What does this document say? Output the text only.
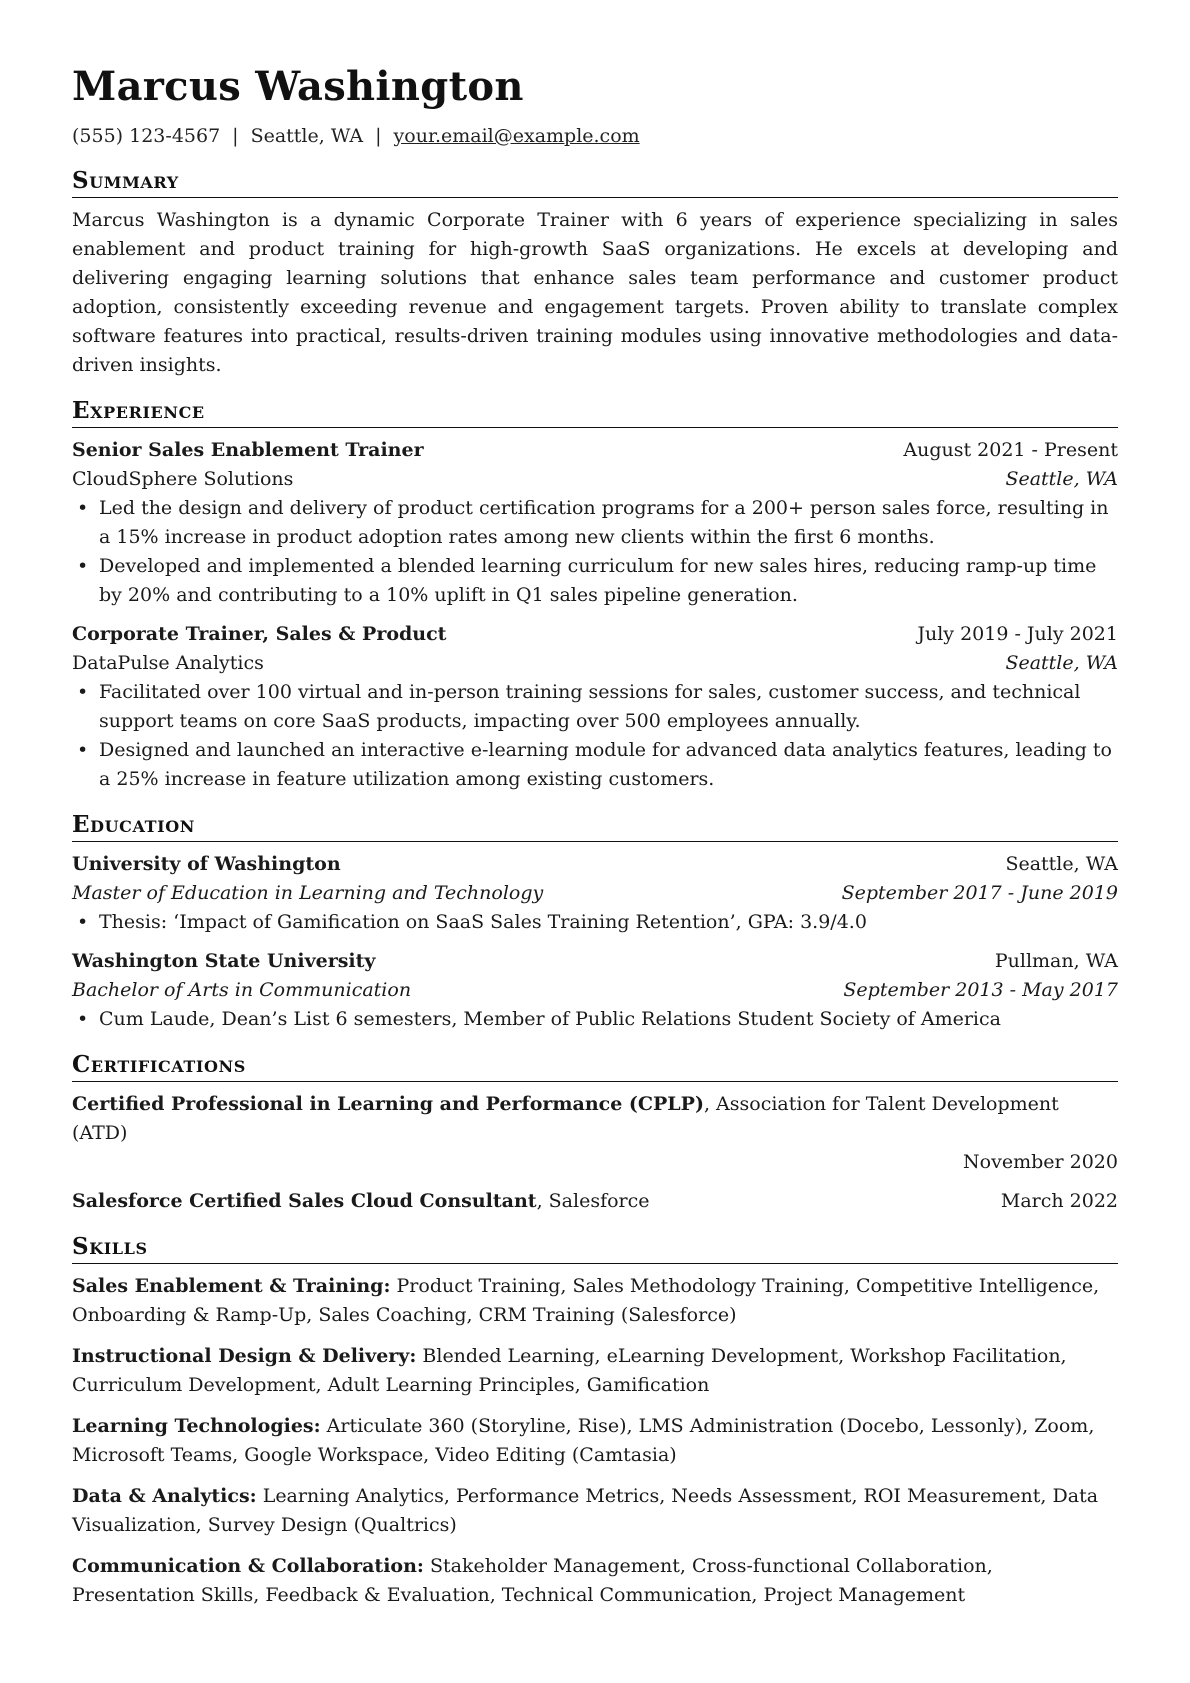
Marcus Washington
(555) 123-4567 | Seattle, WA | your.email@example.com
Summary

Marcus Washington is a dynamic Corporate Trainer with 6 years of experience specializing in sales enablement and product training for high-growth SaaS organizations. He excels at developing and delivering engaging learning solutions that enhance sales team performance and customer product adoption, consistently exceeding revenue and engagement targets. Proven ability to translate complex software features into practical, results-driven training modules using innovative methodologies and data-driven insights.

Experience
Senior Sales Enablement Trainer	August 2021 - Present
CloudSphere Solutions	Seattle, WA
• Led the design and delivery of product certification programs for a 200+ person sales force, resulting in a 15% increase in product adoption rates among new clients within the first 6 months.
• Developed and implemented a blended learning curriculum for new sales hires, reducing ramp-up time by 20% and contributing to a 10% uplift in Q1 sales pipeline generation.
Corporate Trainer, Sales & Product	July 2019 - July 2021
DataPulse Analytics	Seattle, WA
• Facilitated over 100 virtual and in-person training sessions for sales, customer success, and technical support teams on core SaaS products, impacting over 500 employees annually.
• Designed and launched an interactive e-learning module for advanced data analytics features, leading to a 25% increase in feature utilization among existing customers.
Education
University of Washington	Seattle, WA
Master of Education in Learning and Technology	September 2017 - June 2019
• Thesis: ‘Impact of Gamification on SaaS Sales Training Retention’, GPA: 3.9/4.0
Washington State University	Pullman, WA
Bachelor of Arts in Communication	September 2013 - May 2017
• Cum Laude, Dean’s List 6 semesters, Member of Public Relations Student Society of America
Certifications
Certified Professional in Learning and Performance (CPLP), Association for Talent Development (ATD)
November 2020
Salesforce Certified Sales Cloud Consultant, Salesforce	March 2022
Skills
Sales Enablement & Training: Product Training, Sales Methodology Training, Competitive Intelligence, Onboarding & Ramp-Up, Sales Coaching, CRM Training (Salesforce)
Instructional Design & Delivery: Blended Learning, eLearning Development, Workshop Facilitation, Curriculum Development, Adult Learning Principles, Gamification
Learning Technologies: Articulate 360 (Storyline, Rise), LMS Administration (Docebo, Lessonly), Zoom, Microsoft Teams, Google Workspace, Video Editing (Camtasia)
Data & Analytics: Learning Analytics, Performance Metrics, Needs Assessment, ROI Measurement, Data Visualization, Survey Design (Qualtrics)
Communication & Collaboration: Stakeholder Management, Cross-functional Collaboration, Presentation Skills, Feedback & Evaluation, Technical Communication, Project Management
